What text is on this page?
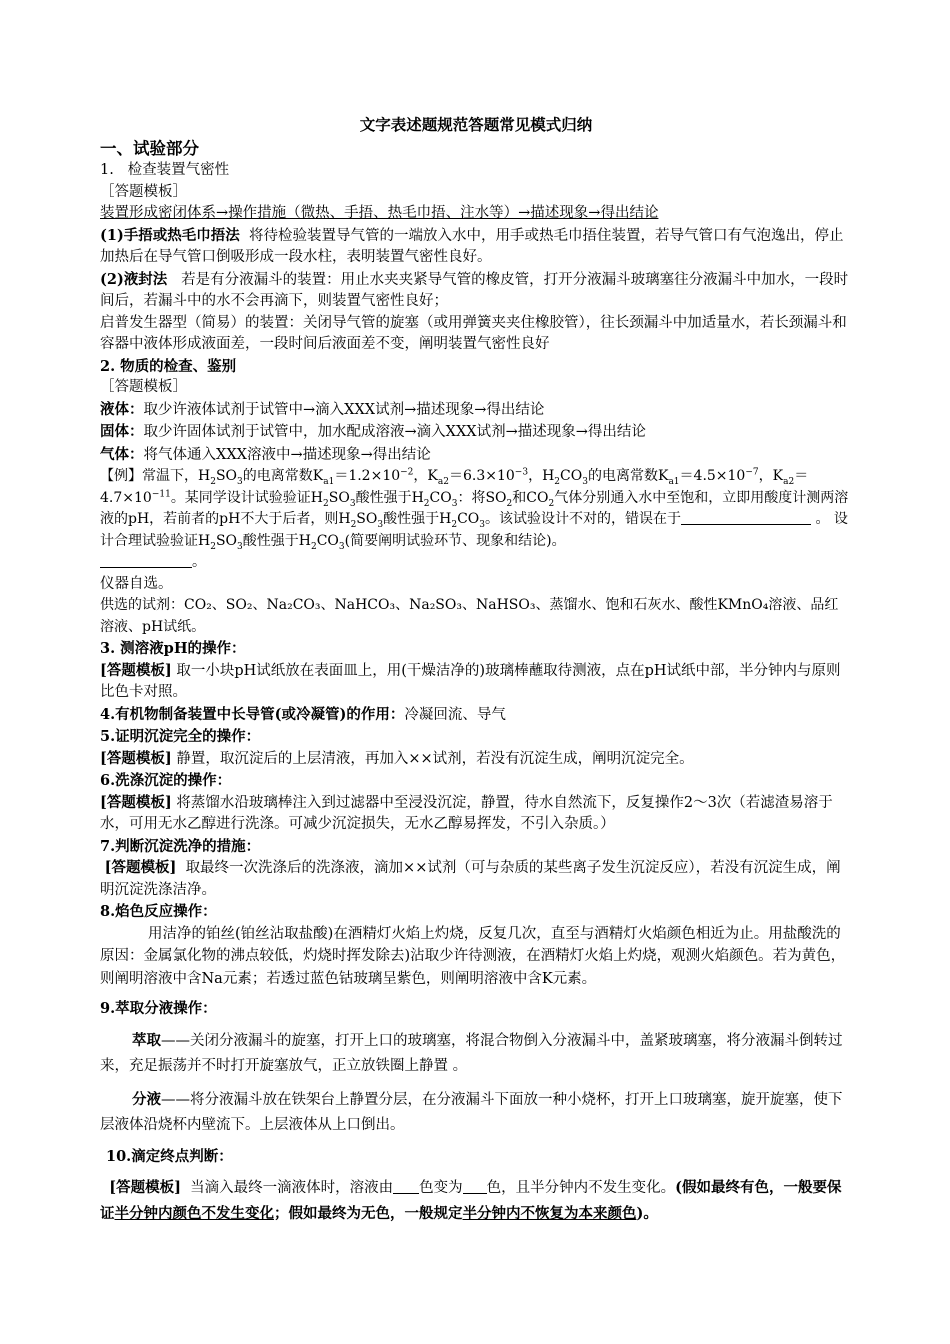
文字表述题规范答题常见模式归纳

一、试验部分

1. 检查装置气密性

［答题模板］

装置形成密闭体系→操作措施（微热、手捂、热毛巾捂、注水等）→描述现象→得出结论

(1)手捂或热毛巾捂法 将待检验装置导气管的一端放入水中，用手或热毛巾捂住装置，若导气管口有气泡逸出，停止加热后在导气管口倒吸形成一段水柱，表明装置气密性良好。

(2)液封法 若是有分液漏斗的装置：用止水夹夹紧导气管的橡皮管，打开分液漏斗玻璃塞往分液漏斗中加水，一段时间后，若漏斗中的水不会再滴下，则装置气密性良好；

启普发生器型（简易）的装置：关闭导气管的旋塞（或用弹簧夹夹住橡胶管），往长颈漏斗中加适量水，若长颈漏斗和容器中液体形成液面差，一段时间后液面差不变，阐明装置气密性良好

2. 物质的检查、鉴别

［答题模板］

液体：取少许液体试剂于试管中→滴入XXX试剂→描述现象→得出结论

固体：取少许固体试剂于试管中，加水配成溶液→滴入XXX试剂→描述现象→得出结论

气体：将气体通入XXX溶液中→描述现象→得出结论

【例】常温下，$H_2SO_3$的电离常数$K_{a1}=1.2\times 10^{-2}$，$K_{a2}=6.3\times 10^{-3}$，$H_2CO_3$的电离常数$K_{a1}=4.5\times 10^{-7}$，$K_{a2}=4.7\times 10^{-11}$。某同学设计试验验证$H_2SO_3$酸性强于$H_2CO_3$：将$SO_2$和$CO_2$气体分别通入水中至饱和，立即用酸度计测两溶液的pH，若前者的pH不大于后者，则$H_2SO_3$酸性强于$H_2CO_3$。该试验设计不对的，错误在于	。 设计合理试验验证$H_2SO_3$酸性强于$H_2CO_3$(简要阐明试验环节、现象和结论)。
。

仪器自选。

供选的试剂：CO₂、SO₂、Na₂CO₃、NaHCO₃、Na₂SO₃、NaHSO₃、蒸馏水、饱和石灰水、酸性KMnO₄溶液、品红溶液、pH试纸。

3. 测溶液pH的操作：

[答题模板] 取一小块pH试纸放在表面皿上，用(干燥洁净的)玻璃棒蘸取待测液，点在pH试纸中部，半分钟内与原则比色卡对照。

4.有机物制备装置中长导管(或冷凝管)的作用：冷凝回流、导气

5.证明沉淀完全的操作：

[答题模板] 静置，取沉淀后的上层清液，再加入××试剂，若没有沉淀生成，阐明沉淀完全。

6.洗涤沉淀的操作：

[答题模板] 将蒸馏水沿玻璃棒注入到过滤器中至浸没沉淀，静置，待水自然流下，反复操作2～3次（若滤渣易溶于水，可用无水乙醇进行洗涤。可减少沉淀损失，无水乙醇易挥发，不引入杂质。）

7.判断沉淀洗净的措施：

[答题模板] 取最终一次洗涤后的洗涤液，滴加××试剂（可与杂质的某些离子发生沉淀反应），若没有沉淀生成，阐明沉淀洗涤洁净。

8.焰色反应操作：

用洁净的铂丝(铂丝沾取盐酸)在酒精灯火焰上灼烧，反复几次，直至与酒精灯火焰颜色相近为止。用盐酸洗的原因：金属氯化物的沸点较低，灼烧时挥发除去)沾取少许待测液，在酒精灯火焰上灼烧，观测火焰颜色。若为黄色，则阐明溶液中含Na元素；若透过蓝色钴玻璃呈紫色，则阐明溶液中含K元素。

9.萃取分液操作：

萃取——关闭分液漏斗的旋塞，打开上口的玻璃塞，将混合物倒入分液漏斗中，盖紧玻璃塞，将分液漏斗倒转过来，充足振荡并不时打开旋塞放气，正立放铁圈上静置 。

分液——将分液漏斗放在铁架台上静置分层，在分液漏斗下面放一种小烧杯，打开上口玻璃塞，旋开旋塞，使下层液体沿烧杯内壁流下。上层液体从上口倒出。

10.滴定终点判断：

[答题模板] 当滴入最终一滴液体时，溶液由 色变为 色，且半分钟内不发生变化。(假如最终有色，一般要保证半分钟内颜色不发生变化；假如最终为无色，一般规定半分钟内不恢复为本来颜色)。
